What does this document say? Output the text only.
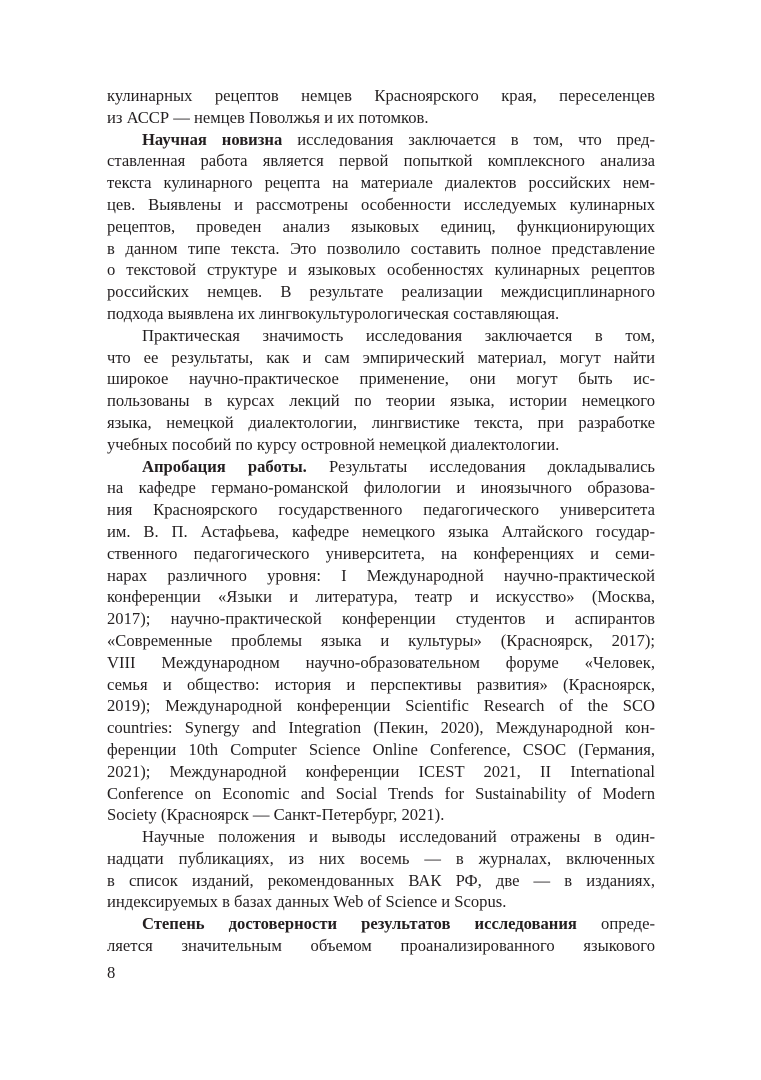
кулинарных рецептов немцев Красноярского края, переселенцев
из АССР — немцев Поволжья и их потомков.
Научная новизна исследования заключается в том, что пред-
ставленная работа является первой попыткой комплексного анализа
текста кулинарного рецепта на материале диалектов российских нем-
цев. Выявлены и рассмотрены особенности исследуемых кулинарных
рецептов, проведен анализ языковых единиц, функционирующих
в данном типе текста. Это позволило составить полное представление
о текстовой структуре и языковых особенностях кулинарных рецептов
российских немцев. В результате реализации междисциплинарного
подхода выявлена их лингвокультурологическая составляющая.
Практическая значимость исследования заключается в том,
что ее результаты, как и сам эмпирический материал, могут найти
широкое научно-практическое применение, они могут быть ис-
пользованы в курсах лекций по теории языка, истории немецкого
языка, немецкой диалектологии, лингвистике текста, при разработке
учебных пособий по курсу островной немецкой диалектологии.
Апробация работы. Результаты исследования докладывались
на кафедре германо-романской филологии и иноязычного образова-
ния Красноярского государственного педагогического университета
им. В. П. Астафьева, кафедре немецкого языка Алтайского государ-
ственного педагогического университета, на конференциях и семи-
нарах различного уровня: I Международной научно-практической
конференции «Языки и литература, театр и искусство» (Москва,
2017); научно-практической конференции студентов и аспирантов
«Современные проблемы языка и культуры» (Красноярск, 2017);
VIII Международном научно-образовательном форуме «Человек,
семья и общество: история и перспективы развития» (Красноярск,
2019); Международной конференции Scientific Research of the SCO
countries: Synergy and Integration (Пекин, 2020), Международной кон-
ференции 10th Computer Science Online Conference, CSOC (Германия,
2021); Международной конференции ICEST 2021, II International
Conference on Economic and Social Trends for Sustainability of Modern
Society (Красноярск — Санкт-Петербург, 2021).
Научные положения и выводы исследований отражены в один-
надцати публикациях, из них восемь — в журналах, включенных
в список изданий, рекомендованных ВАК РФ, две — в изданиях,
индексируемых в базах данных Web of Science и Scopus.
Степень достоверности результатов исследования опреде-
ляется значительным объемом проанализированного языкового
8
